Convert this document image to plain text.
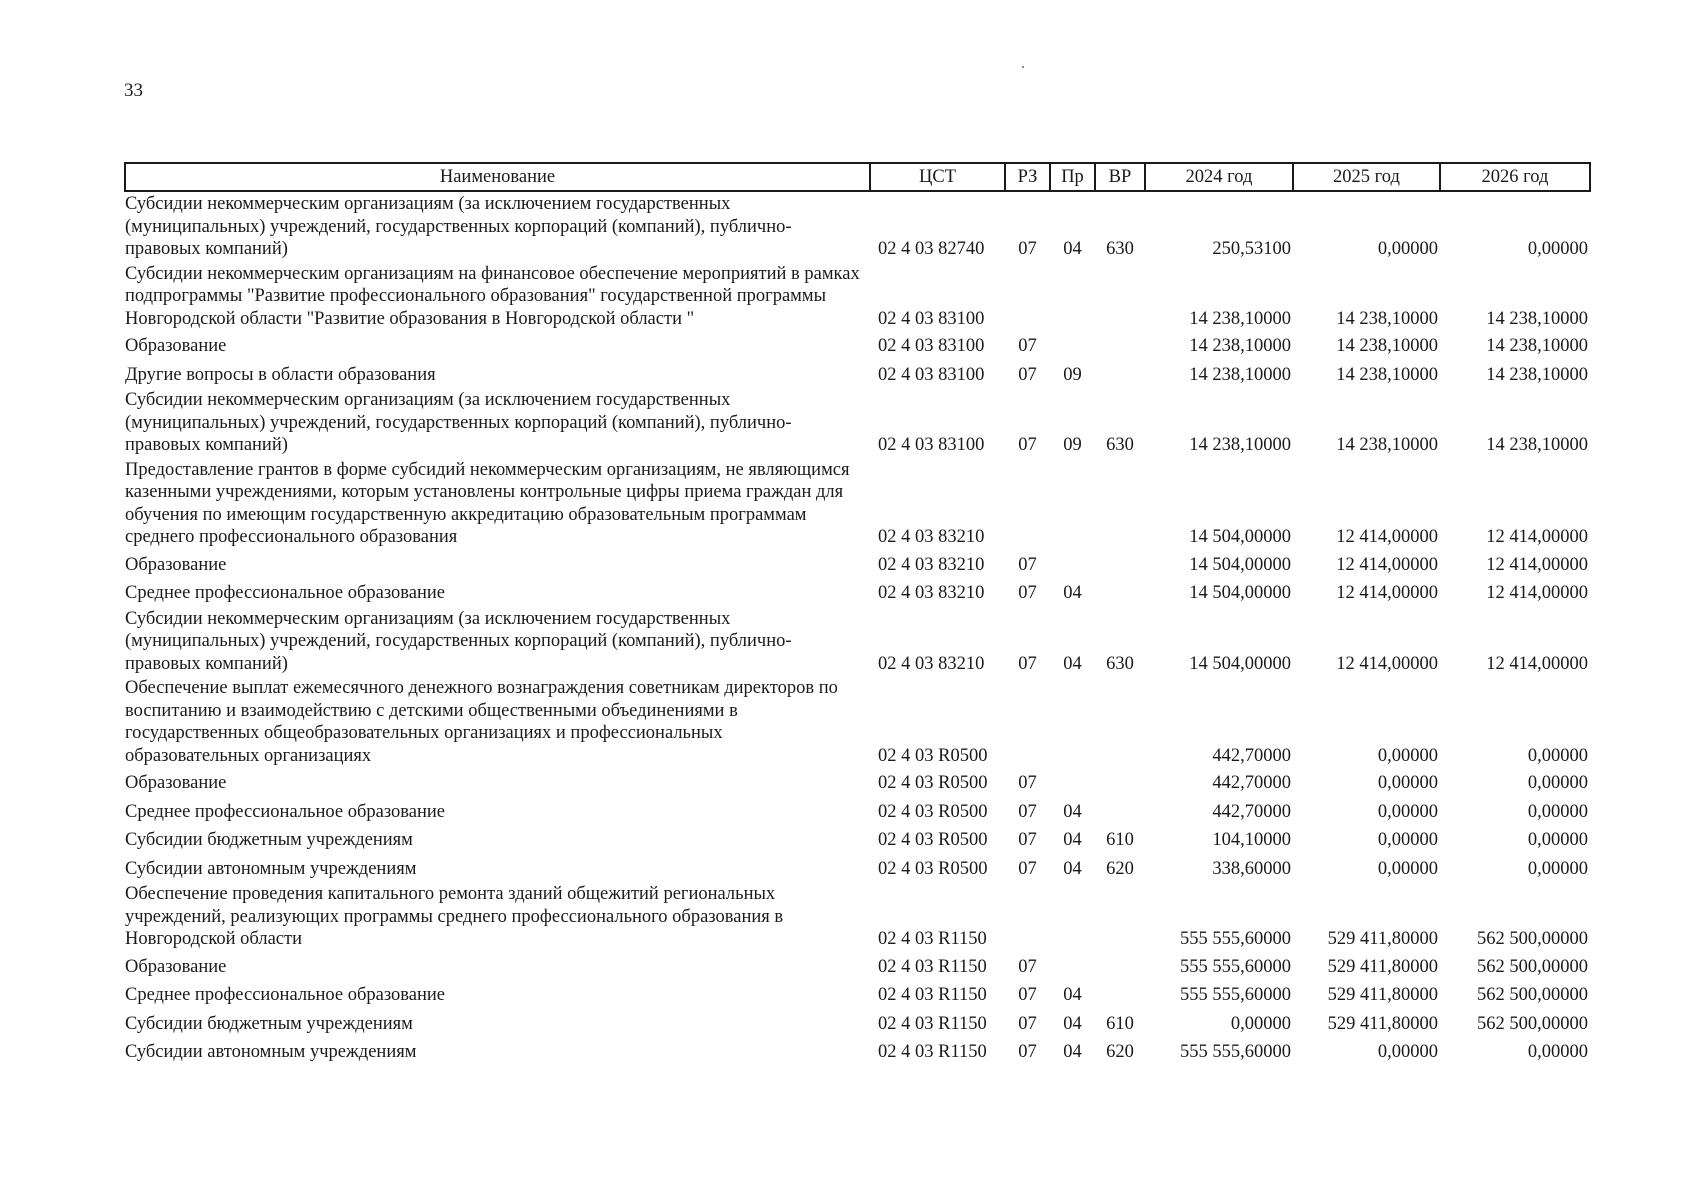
33
Наименование	ЦСТ	РЗ	Пр	ВР	2024 год	2025 год	2026 год
Субсидии некоммерческим организациям (за исключением государственных (муниципальных) учреждений, государственных корпораций (компаний), публично-правовых компаний)	02 4 03 82740	07	04	630	250,53100	0,00000	0,00000
Субсидии некоммерческим организациям на финансовое обеспечение мероприятий в рамках подпрограммы "Развитие профессионального образования" государственной программы Новгородской области "Развитие образования в Новгородской области "	02 4 03 83100				14 238,10000	14 238,10000	14 238,10000
Образование	02 4 03 83100	07			14 238,10000	14 238,10000	14 238,10000
Другие вопросы в области образования	02 4 03 83100	07	09		14 238,10000	14 238,10000	14 238,10000
Субсидии некоммерческим организациям (за исключением государственных (муниципальных) учреждений, государственных корпораций (компаний), публично-правовых компаний)	02 4 03 83100	07	09	630	14 238,10000	14 238,10000	14 238,10000
Предоставление грантов в форме субсидий некоммерческим организациям, не являющимся казенными учреждениями, которым установлены контрольные цифры приема граждан для обучения по имеющим государственную аккредитацию образовательным программам среднего профессионального образования	02 4 03 83210				14 504,00000	12 414,00000	12 414,00000
Образование	02 4 03 83210	07			14 504,00000	12 414,00000	12 414,00000
Среднее профессиональное образование	02 4 03 83210	07	04		14 504,00000	12 414,00000	12 414,00000
Субсидии некоммерческим организациям (за исключением государственных (муниципальных) учреждений, государственных корпораций (компаний), публично-правовых компаний)	02 4 03 83210	07	04	630	14 504,00000	12 414,00000	12 414,00000
Обеспечение выплат ежемесячного денежного вознаграждения советникам директоров по воспитанию и взаимодействию с детскими общественными объединениями в государственных общеобразовательных организациях и профессиональных образовательных организациях	02 4 03 R0500				442,70000	0,00000	0,00000
Образование	02 4 03 R0500	07			442,70000	0,00000	0,00000
Среднее профессиональное образование	02 4 03 R0500	07	04		442,70000	0,00000	0,00000
Субсидии бюджетным учреждениям	02 4 03 R0500	07	04	610	104,10000	0,00000	0,00000
Субсидии автономным учреждениям	02 4 03 R0500	07	04	620	338,60000	0,00000	0,00000
Обеспечение проведения капитального ремонта зданий общежитий региональных учреждений, реализующих программы среднего профессионального образования в Новгородской области	02 4 03 R1150				555 555,60000	529 411,80000	562 500,00000
Образование	02 4 03 R1150	07			555 555,60000	529 411,80000	562 500,00000
Среднее профессиональное образование	02 4 03 R1150	07	04		555 555,60000	529 411,80000	562 500,00000
Субсидии бюджетным учреждениям	02 4 03 R1150	07	04	610	0,00000	529 411,80000	562 500,00000
Субсидии автономным учреждениям	02 4 03 R1150	07	04	620	555 555,60000	0,00000	0,00000
